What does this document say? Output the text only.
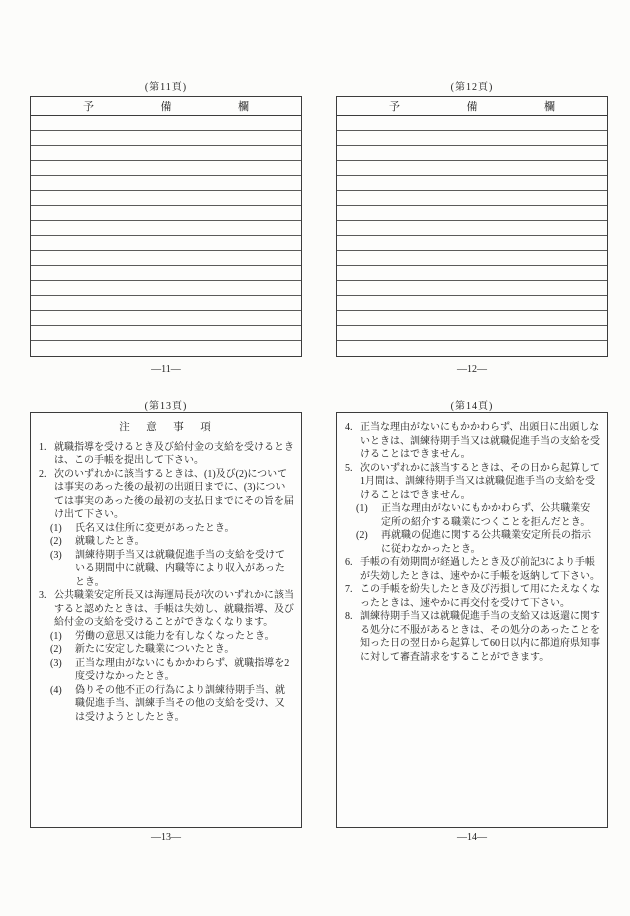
(第11頁)
予	備	欄
—11—
(第12頁)
予	備	欄
—12—
(第13頁)
注　意　事　項
1. 就職指導を受けるとき及び給付金の支給を受けるときは、この手帳を提出して下さい。
2. 次のいずれかに該当するときは、(1)及び(2)については事実のあった後の最初の出頭日までに、(3)については事実のあった後の最初の支払日までにその旨を届け出て下さい。
(1)	氏名又は住所に変更があったとき。
(2)	就職したとき。
(3)	訓練待期手当又は就職促進手当の支給を受けている期間中に就職、内職等により収入があったとき。
3. 公共職業安定所長又は海運局長が次のいずれかに該当すると認めたときは、手帳は失効し、就職指導、及び給付金の支給を受けることができなくなります。
(1)	労働の意思又は能力を有しなくなったとき。
(2)	新たに安定した職業についたとき。
(3)	正当な理由がないにもかかわらず、就職指導を2度受けなかったとき。
(4)	偽りその他不正の行為により訓練待期手当、就職促進手当、訓練手当その他の支給を受け、又は受けようとしたとき。
—13—
(第14頁)
4. 正当な理由がないにもかかわらず、出頭日に出頭しないときは、訓練待期手当又は就職促進手当の支給を受けることはできません。
5. 次のいずれかに該当するときは、その日から起算して1月間は、訓練待期手当又は就職促進手当の支給を受けることはできません。
(1)	正当な理由がないにもかかわらず、公共職業安定所の紹介する職業につくことを拒んだとき。
(2)	再就職の促進に関する公共職業安定所長の指示に従わなかったとき。
6. 手帳の有効期間が経過したとき及び前記3により手帳が失効したときは、速やかに手帳を返納して下さい。
7. この手帳を紛失したとき及び汚損して用にたえなくなったときは、速やかに再交付を受けて下さい。
8. 訓練待期手当又は就職促進手当の支給又は返還に関する処分に不服があるときは、その処分のあったことを知った日の翌日から起算して60日以内に都道府県知事に対して審査請求をすることができます。
—14—
